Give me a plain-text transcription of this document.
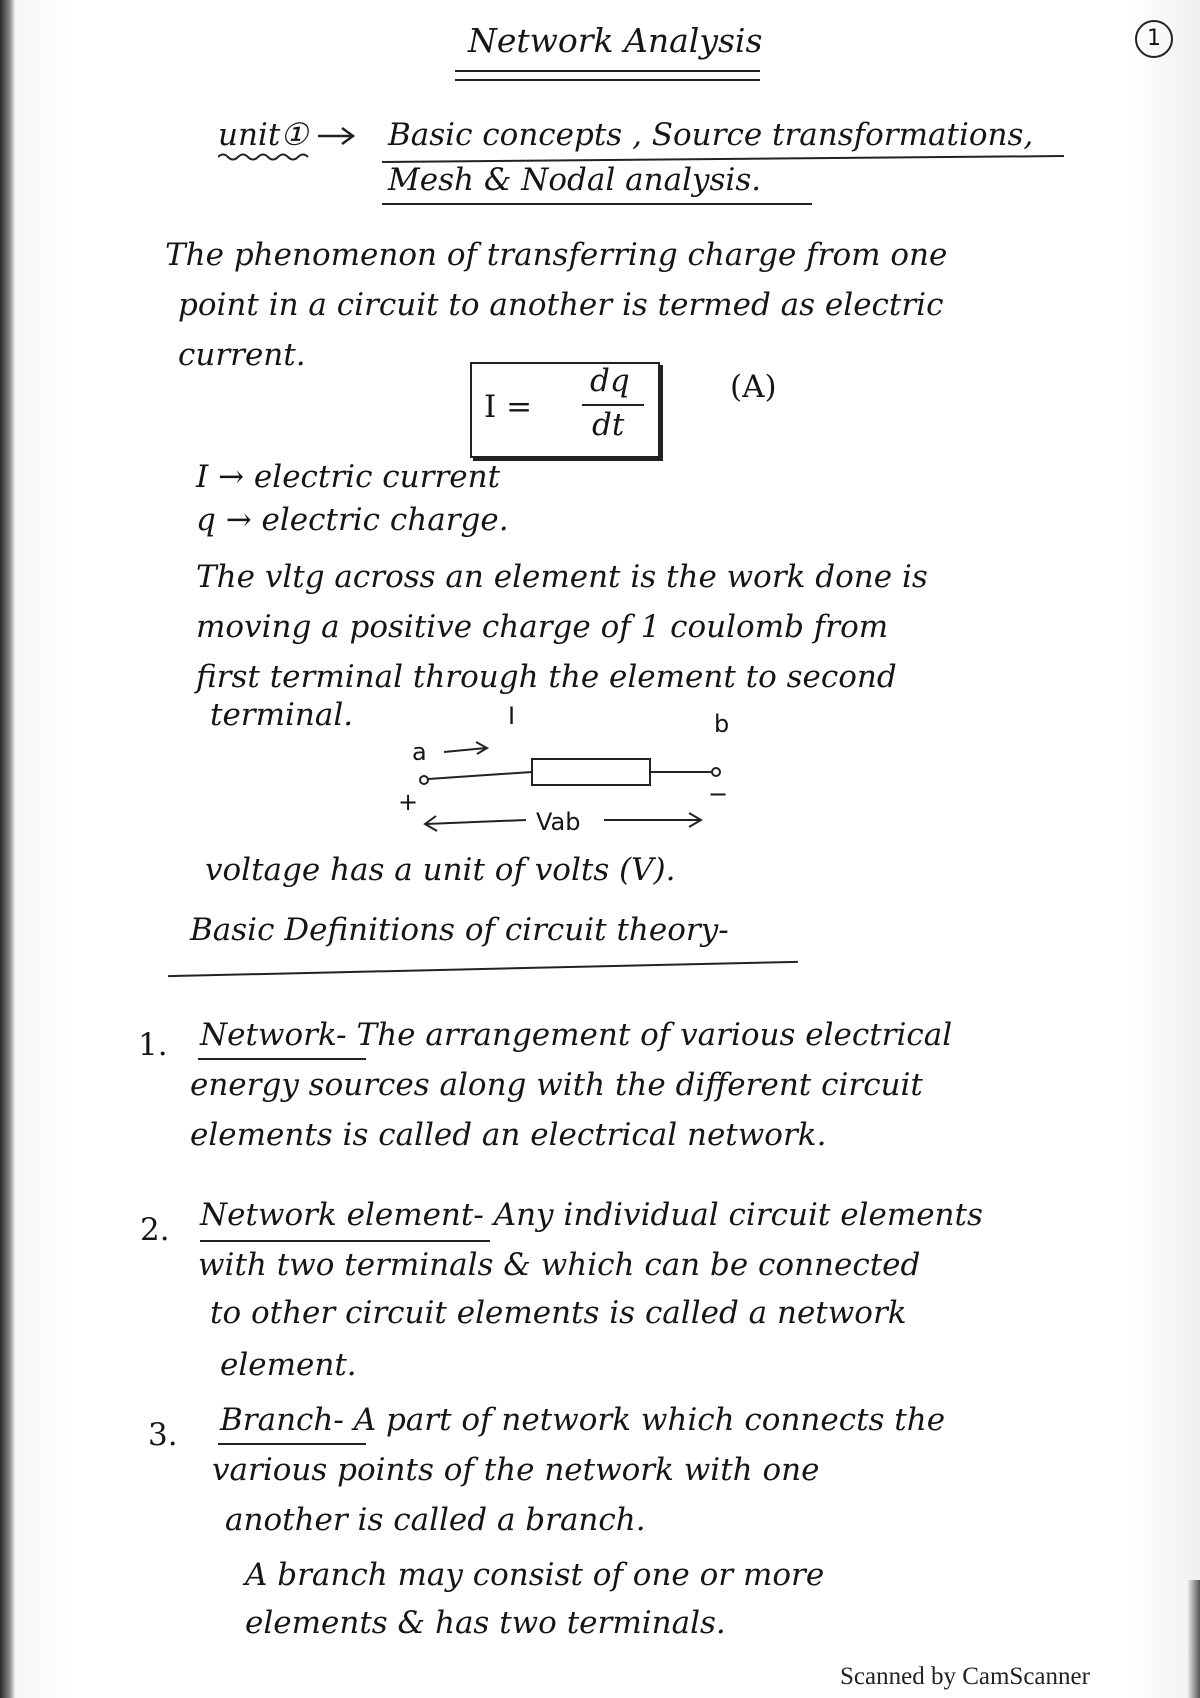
Network Analysis	1
unit①	Basic concepts , Source transformations,
Mesh & Nodal analysis.
The phenomenon of transferring charge from one
point in a circuit to another is termed as electric
current.
I =
dq
dt
(A)
I → electric current
q → electric charge.
The vltg across an element is the work done is
moving a positive charge of 1 coulomb from
first terminal through the element to second
terminal.	I	b
a
−
+
Vab
voltage has a unit of volts (V).
Basic Definitions of circuit theory-
1. Network- The arrangement of various electrical
energy sources along with the different circuit
elements is called an electrical network.
2. Network element- Any individual circuit elements
with two terminals & which can be connected
to other circuit elements is called a network
element.
3. Branch- A part of network which connects the
various points of the network with one
another is called a branch.
A branch may consist of one or more
elements & has two terminals.
Scanned by CamScanner
